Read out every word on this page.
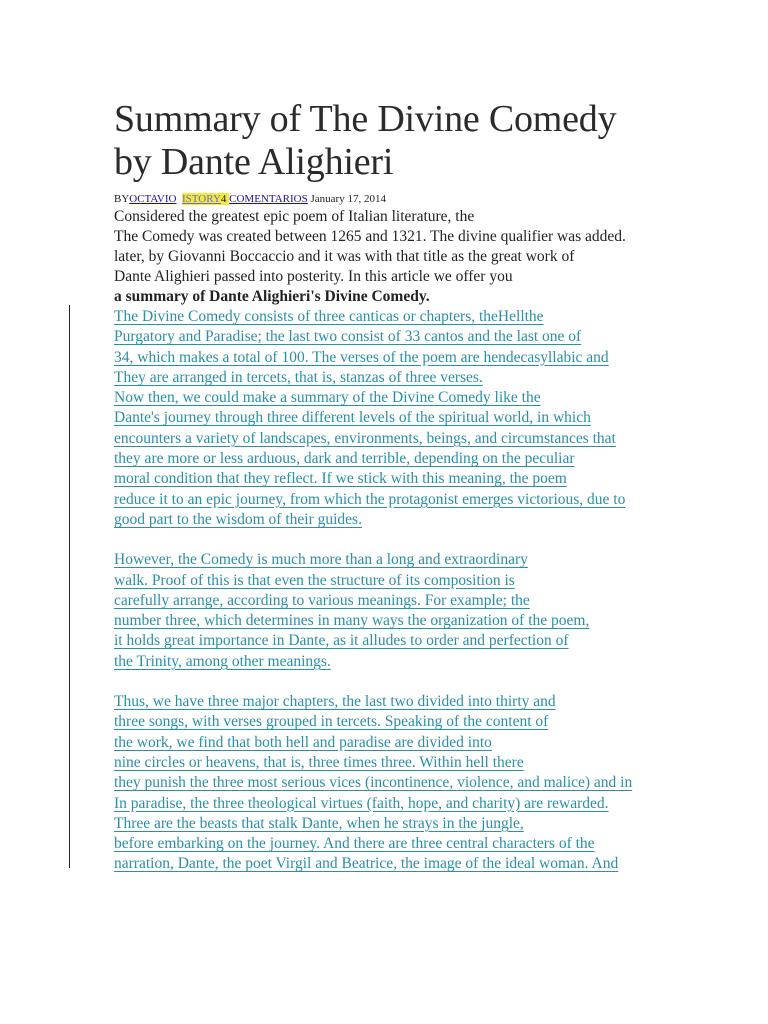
Summary of The Divine Comedy
by Dante Alighieri
BYOCTAVIO ISTORY4 COMENTARIOS January 17, 2014
Considered the greatest epic poem of Italian literature, the
The Comedy was created between 1265 and 1321. The divine qualifier was added.
later, by Giovanni Boccaccio and it was with that title as the great work of
Dante Alighieri passed into posterity. In this article we offer you
a summary of Dante Alighieri's Divine Comedy.
The Divine Comedy consists of three canticas or chapters, theHellthe
Purgatory and Paradise; the last two consist of 33 cantos and the last one of
34, which makes a total of 100. The verses of the poem are hendecasyllabic and
They are arranged in tercets, that is, stanzas of three verses.
Now then, we could make a summary of the Divine Comedy like the
Dante's journey through three different levels of the spiritual world, in which
encounters a variety of landscapes, environments, beings, and circumstances that
they are more or less arduous, dark and terrible, depending on the peculiar
moral condition that they reflect. If we stick with this meaning, the poem
reduce it to an epic journey, from which the protagonist emerges victorious, due to
good part to the wisdom of their guides.
However, the Comedy is much more than a long and extraordinary
walk. Proof of this is that even the structure of its composition is
carefully arrange, according to various meanings. For example; the
number three, which determines in many ways the organization of the poem,
it holds great importance in Dante, as it alludes to order and perfection of
the Trinity, among other meanings.
Thus, we have three major chapters, the last two divided into thirty and
three songs, with verses grouped in tercets. Speaking of the content of
the work, we find that both hell and paradise are divided into
nine circles or heavens, that is, three times three. Within hell there
they punish the three most serious vices (incontinence, violence, and malice) and in
In paradise, the three theological virtues (faith, hope, and charity) are rewarded.
Three are the beasts that stalk Dante, when he strays in the jungle,
before embarking on the journey. And there are three central characters of the
narration, Dante, the poet Virgil and Beatrice, the image of the ideal woman. And
